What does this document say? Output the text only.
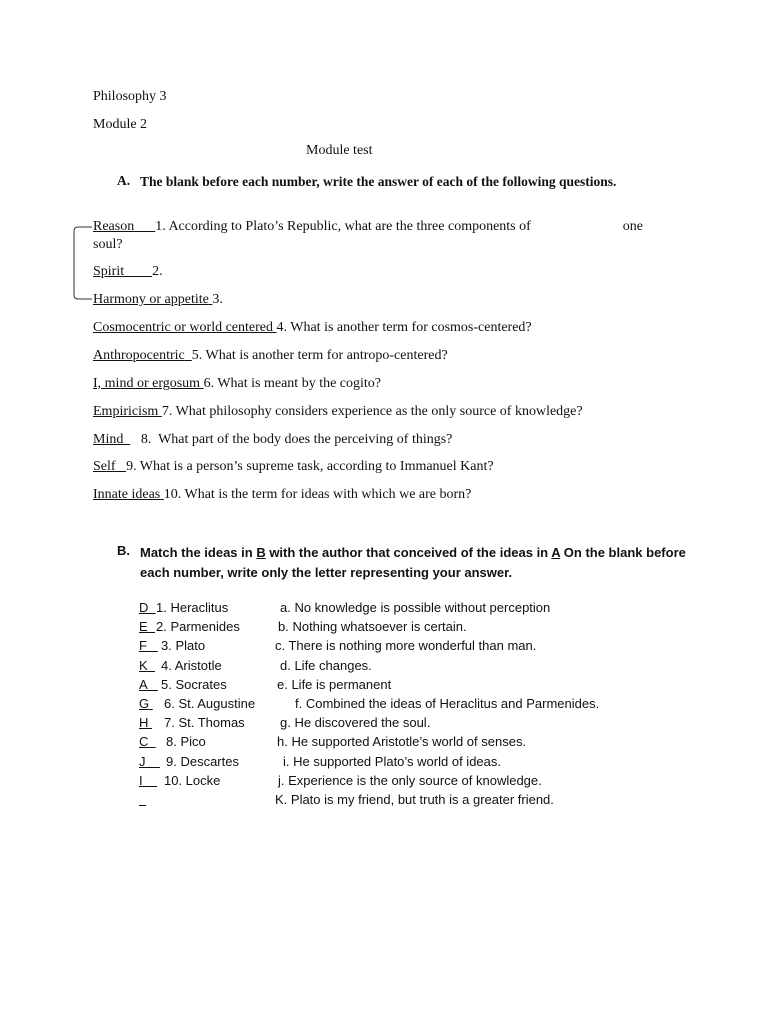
Philosophy 3
Module 2
Module test
A. The blank before each number, write the answer of each of the following questions.
Reason 1. According to Plato’s Republic, what are the three components of	one
soul?
Spirit 2.
Harmony or appetite 3.
Cosmocentric or world centered 4. What is another term for cosmos-centered?
Anthropocentric 5. What is another term for antropo-centered?
I, mind or ergosum 6. What is meant by the cogito?
Empiricism 7. What philosophy considers experience as the only source of knowledge?
Mind     8.  What part of the body does the perceiving of things?
Self 9. What is a person’s supreme task, according to Immanuel Kant?
Innate ideas 10. What is the term for ideas with which we are born?
B. Match the ideas in B with the author that conceived of the ideas in A On the blank before each number, write only the letter representing your answer.
D 1. Heraclitus	a. No knowledge is possible without perception
E 2. Parmenides	b. Nothing whatsoever is certain.
F	3. Plato	c. There is nothing more wonderful than man.
K	4. Aristotle	d. Life changes.
A	5. Socrates	e. Life is permanent
G 6. St. Augustine	f. Combined the ideas of Heraclitus and Parmenides.
H 7. St. Thomas	g. He discovered the soul.
C	8. Pico	h. He supported Aristotle’s world of senses.
J	9. Descartes	i. He supported Plato’s world of ideas.
I	10. Locke	j. Experience is the only source of knowledge.

K. Plato is my friend, but truth is a greater friend.
